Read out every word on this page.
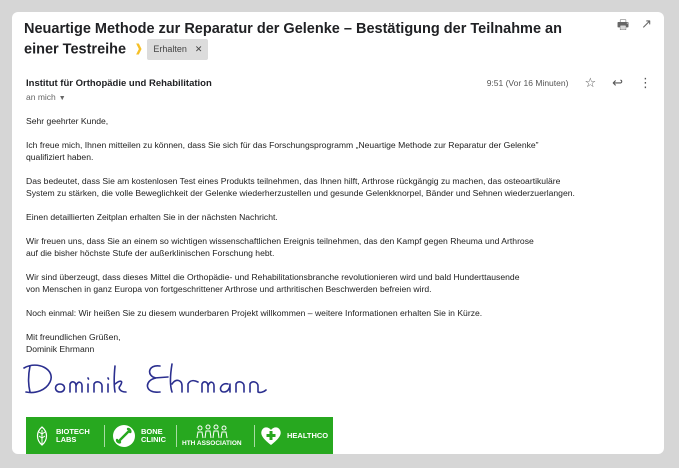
Neuartige Methode zur Reparatur der Gelenke – Bestätigung der Teilnahme an einer Testreihe ❱ Erhalten ✕
🖶 ↗
Institut für Orthopädie und Rehabilitation
an mich ▼
9:51 (Vor 16 Minuten) ☆ ↩ ⋮

Sehr geehrter Kunde,

Ich freue mich, Ihnen mitteilen zu können, dass Sie sich für das Forschungsprogramm „Neuartige Methode zur Reparatur der Gelenke”
qualifiziert haben.

Das bedeutet, dass Sie am kostenlosen Test eines Produkts teilnehmen, das Ihnen hilft, Arthrose rückgängig zu machen, das osteoartikuläre
System zu stärken, die volle Beweglichkeit der Gelenke wiederherzustellen und gesunde Gelenkknorpel, Bänder und Sehnen wiederzuerlangen.

Einen detaillierten Zeitplan erhalten Sie in der nächsten Nachricht.

Wir freuen uns, dass Sie an einem so wichtigen wissenschaftlichen Ereignis teilnehmen, das den Kampf gegen Rheuma und Arthrose
auf die bisher höchste Stufe der außerklinischen Forschung hebt.

Wir sind überzeugt, dass dieses Mittel die Orthopädie- und Rehabilitationsbranche revolutionieren wird und bald Hunderttausende
von Menschen in ganz Europa von fortgeschrittener Arthrose und arthritischen Beschwerden befreien wird.

Noch einmal: Wir heißen Sie zu diesem wunderbaren Projekt willkommen – weitere Informationen erhalten Sie in Kürze.

Mit freundlichen Grüßen,
Dominik Ehrmann

BIOTECH
LABS
BONE
CLINIC HTH ASSOCIATION
HEALTHCO
